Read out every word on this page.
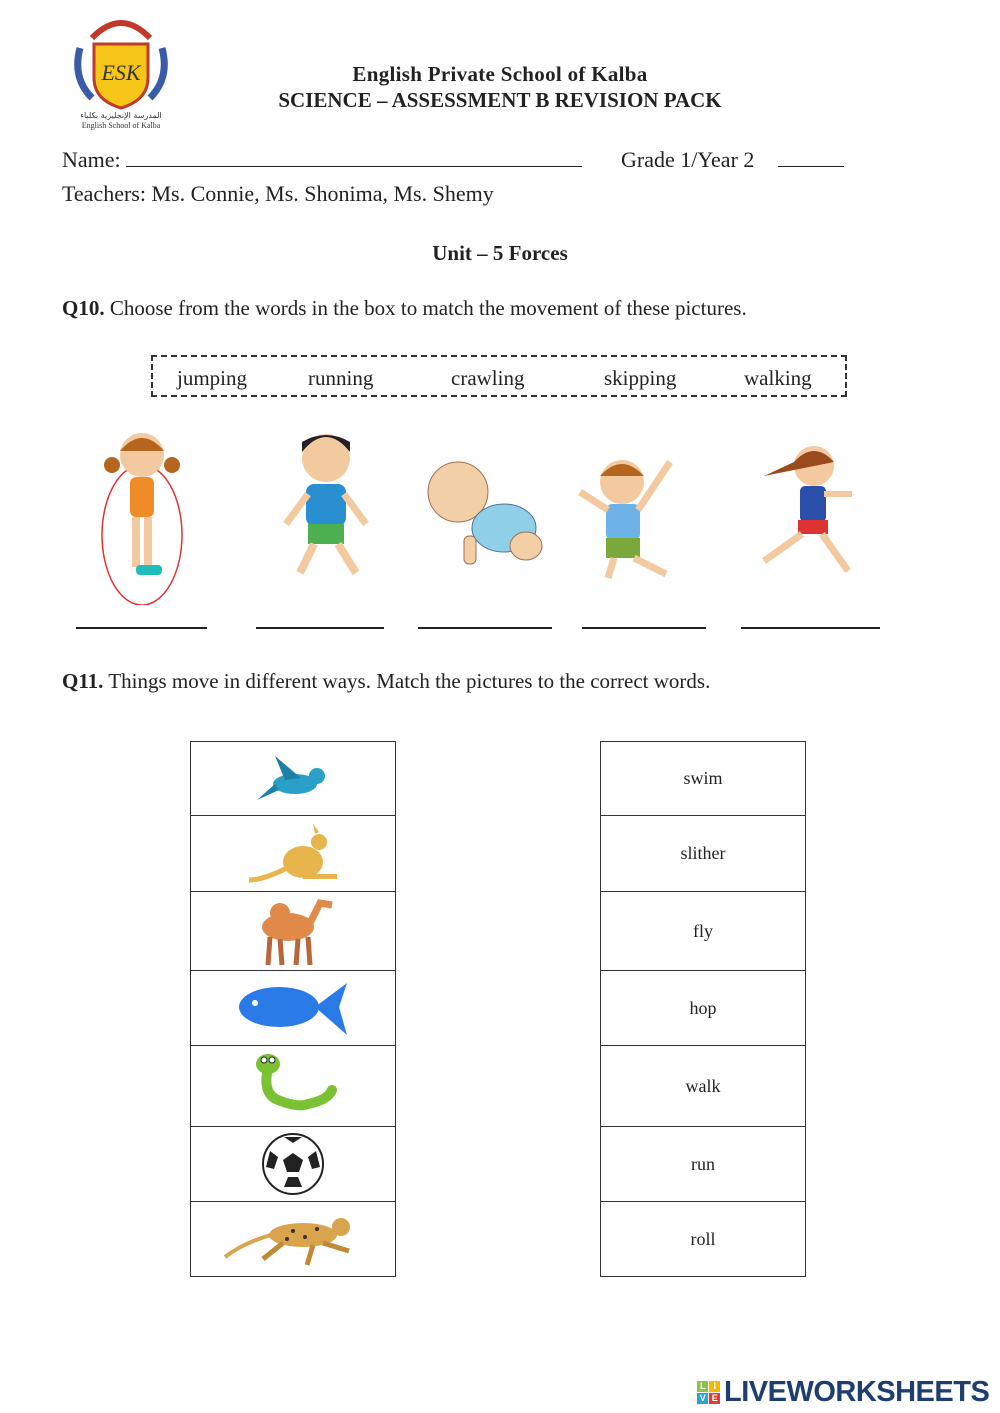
ESK
المدرسة الإنجليزية بكلباء
English School of Kalba
English Private School of Kalba
SCIENCE – ASSESSMENT B REVISION PACK
Name:	Grade 1/Year 2
Teachers: Ms. Connie, Ms. Shonima, Ms. Shemy
Unit – 5 Forces
Q10. Choose from the words in the box to match the movement of these pictures.
jumping	running	crawling	skipping	walking
Q11. Things move in different ways. Match the pictures to the correct words.
swim
slither
fly
hop
walk
run
roll
L I
V E LIVEWORKSHEETS
